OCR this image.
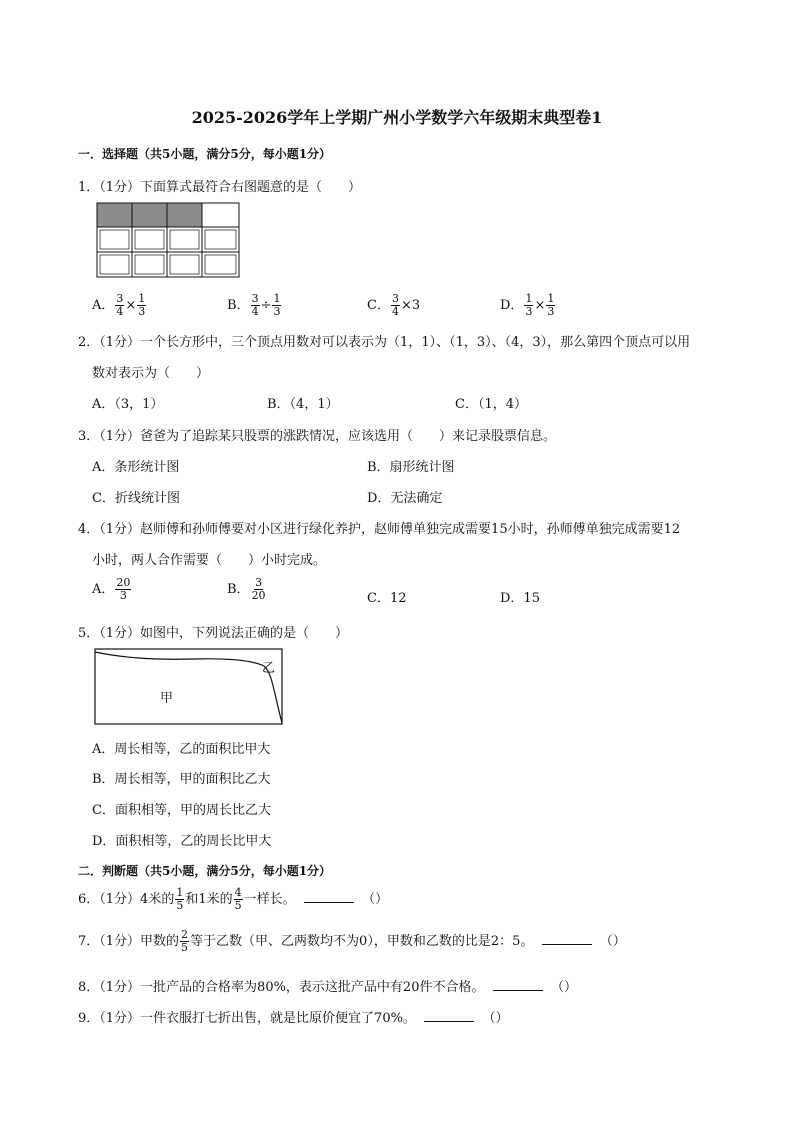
2025-2026学年上学期广州小学数学六年级期末典型卷1
一．选择题（共5小题，满分5分，每小题1分）
1．（1分）下面算式最符合右图题意的是（　　）
A． $\frac{3}{4} \times \frac{1}{3}$	B． $\frac{3}{4} \div \frac{1}{3}$	C． $\frac{3}{4} \times 3$	D． $\frac{1}{3} \times \frac{1}{3}$
2．（1分）一个长方形中，三个顶点用数对可以表示为（1，1）、（1，3）、（4，3），那么第四个顶点可以用
数对表示为（　　）
A．（3，1）	B．（4，1）	C．（1，4）
3．（1分）爸爸为了追踪某只股票的涨跌情况，应该选用（　　）来记录股票信息。
A．条形统计图	B．扇形统计图
C．折线统计图	D．无法确定
4．（1分）赵师傅和孙师傅要对小区进行绿化养护，赵师傅单独完成需要15小时，孙师傅单独完成需要12
小时，两人合作需要（　　）小时完成。
A． $\frac{20}{3}$	B． $\frac{3}{20}$	C．12	D．15
5．（1分）如图中，下列说法正确的是（　　）
乙
甲
A．周长相等，乙的面积比甲大
B．周长相等，甲的面积比乙大
C．面积相等，甲的周长比乙大
D．面积相等，乙的周长比甲大
二．判断题（共5小题，满分5分，每小题1分）
6．（1分）4米的 $\frac{1}{5}$ 和1米的 $\frac{4}{5}$ 一样长。	（）
7．（1分）甲数的 $\frac{2}{5}$ 等于乙数（甲、乙两数均不为0），甲数和乙数的比是2：5。	（）
8．（1分）一批产品的合格率为80%，表示这批产品中有20件不合格。	（）
9．（1分）一件衣服打七折出售，就是比原价便宜了70%。	（）
